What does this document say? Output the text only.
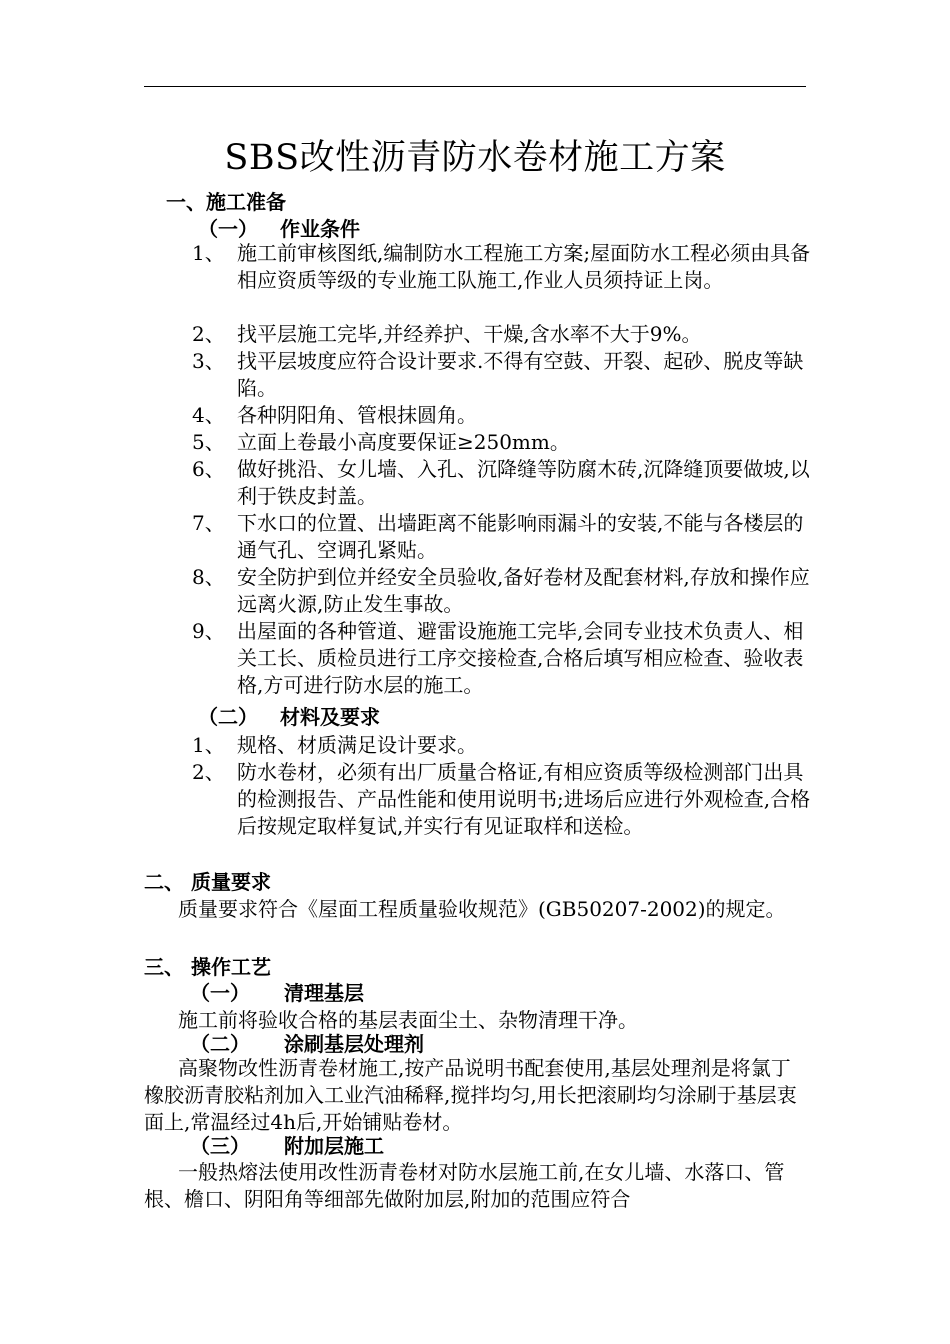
SBS改性沥青防水卷材施工方案
一、施工准备
（一） 作业条件
1、 施工前审核图纸,编制防水工程施工方案;屋面防水工程必须由具备相应资质等级的专业施工队施工,作业人员须持证上岗。
2、 找平层施工完毕,并经养护、干燥,含水率不大于9%。
3、 找平层坡度应符合设计要求.不得有空鼓、开裂、起砂、脱皮等缺陷。
4、 各种阴阳角、管根抹圆角。
5、 立面上卷最小高度要保证≥250mm。
6、 做好挑沿、女儿墙、入孔、沉降缝等防腐木砖,沉降缝顶要做坡,以利于铁皮封盖。
7、 下水口的位置、出墙距离不能影响雨漏斗的安装,不能与各楼层的通气孔、空调孔紧贴。
8、 安全防护到位并经安全员验收,备好卷材及配套材料,存放和操作应远离火源,防止发生事故。
9、 出屋面的各种管道、避雷设施施工完毕,会同专业技术负责人、相关工长、质检员进行工序交接检查,合格后填写相应检查、验收表格,方可进行防水层的施工。
（二） 材料及要求
1、 规格、材质满足设计要求。
2、 防水卷材，必须有出厂质量合格证,有相应资质等级检测部门出具的检测报告、产品性能和使用说明书;进场后应进行外观检查,合格后按规定取样复试,并实行有见证取样和送检。
二、 质量要求
质量要求符合《屋面工程质量验收规范》(GB50207-2002)的规定。
三、 操作工艺
（一） 清理基层
施工前将验收合格的基层表面尘土、杂物清理干净。
（二） 涂刷基层处理剂
高聚物改性沥青卷材施工,按产品说明书配套使用,基层处理剂是将氯丁橡胶沥青胶粘剂加入工业汽油稀释,搅拌均匀,用长把滚刷均匀涂刷于基层衷面上,常温经过4h后,开始铺贴卷材。
（三） 附加层施工
一般热熔法使用改性沥青卷材对防水层施工前,在女儿墙、水落口、管根、檐口、阴阳角等细部先做附加层,附加的范围应符合
